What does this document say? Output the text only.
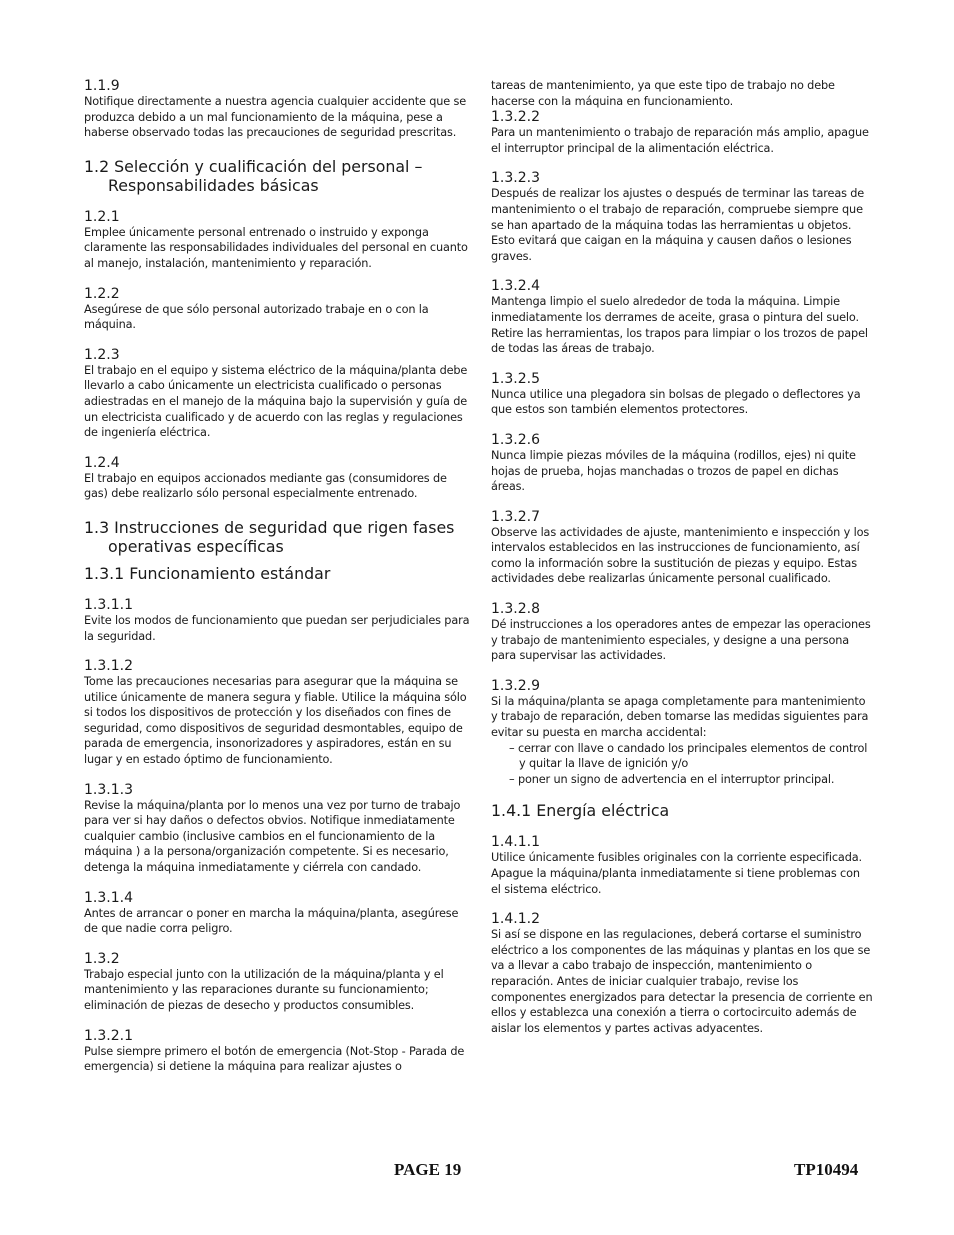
1.1.9

Notifique directamente a nuestra agencia cualquier accidente que se produzca debido a un mal funcionamiento de la máquina, pese a haberse observado todas las precauciones de seguridad prescritas.

1.2 Selección y cualificación del personal –
Responsabilidades básicas
1.2.1

Emplee únicamente personal entrenado o instruido y exponga claramente las responsabilidades individuales del personal en cuanto al manejo, instalación, mantenimiento y reparación.

1.2.2

Asegúrese de que sólo personal autorizado trabaje en o con la máquina.

1.2.3

El trabajo en el equipo y sistema eléctrico de la máquina/planta debe llevarlo a cabo únicamente un electricista cualificado o personas adiestradas en el manejo de la máquina bajo la supervisión y guía de un electricista cualificado y de acuerdo con las reglas y regulaciones de ingeniería eléctrica.

1.2.4

El trabajo en equipos accionados mediante gas (consumidores de gas) debe realizarlo sólo personal especialmente entrenado.

1.3 Instrucciones de seguridad que rigen fases
operativas específicas
1.3.1 Funcionamiento estándar
1.3.1.1

Evite los modos de funcionamiento que puedan ser perjudiciales para la seguridad.

1.3.1.2

Tome las precauciones necesarias para asegurar que la máquina se utilice únicamente de manera segura y fiable. Utilice la máquina sólo si todos los dispositivos de protección y los diseñados con fines de seguridad, como dispositivos de seguridad desmontables, equipo de parada de emergencia, insonorizadores y aspiradores, están en su lugar y en estado óptimo de funcionamiento.

1.3.1.3

Revise la máquina/planta por lo menos una vez por turno de trabajo para ver si hay daños o defectos obvios. Notifique inmediatamente cualquier cambio (inclusive cambios en el funcionamiento de la máquina ) a la persona/organización competente. Si es necesario, detenga la máquina inmediatamente y ciérrela con candado.

1.3.1.4

Antes de arrancar o poner en marcha la máquina/planta, asegúrese de que nadie corra peligro.

1.3.2

Trabajo especial junto con la utilización de la máquina/planta y el mantenimiento y las reparaciones durante su funcionamiento; eliminación de piezas de desecho y productos consumibles.

1.3.2.1

Pulse siempre primero el botón de emergencia (Not-Stop - Parada de emergencia) si detiene la máquina para realizar ajustes o

tareas de mantenimiento, ya que este tipo de trabajo no debe hacerse con la máquina en funcionamiento.

1.3.2.2

Para un mantenimiento o trabajo de reparación más amplio, apague el interruptor principal de la alimentación eléctrica.

1.3.2.3

Después de realizar los ajustes o después de terminar las tareas de mantenimiento o el trabajo de reparación, compruebe siempre que se han apartado de la máquina todas las herramientas u objetos. Esto evitará que caigan en la máquina y causen daños o lesiones graves.

1.3.2.4

Mantenga limpio el suelo alrededor de toda la máquina. Limpie inmediatamente los derrames de aceite, grasa o pintura del suelo. Retire las herramientas, los trapos para limpiar o los trozos de papel de todas las áreas de trabajo.

1.3.2.5

Nunca utilice una plegadora sin bolsas de plegado o deflectores ya que estos son también elementos protectores.

1.3.2.6

Nunca limpie piezas móviles de la máquina (rodillos, ejes) ni quite hojas de prueba, hojas manchadas o trozos de papel en dichas áreas.

1.3.2.7

Observe las actividades de ajuste, mantenimiento e inspección y los intervalos establecidos en las instrucciones de funcionamiento, así como la información sobre la sustitución de piezas y equipo. Estas actividades debe realizarlas únicamente personal cualificado.

1.3.2.8

Dé instrucciones a los operadores antes de empezar las operaciones y trabajo de mantenimiento especiales, y designe a una persona para supervisar las actividades.

1.3.2.9

Si la máquina/planta se apaga completamente para mantenimiento y trabajo de reparación, deben tomarse las medidas siguientes para evitar su puesta en marcha accidental:

– cerrar con llave o candado los principales elementos de control y quitar la llave de ignición y/o

– poner un signo de advertencia en el interruptor principal.

1.4.1 Energía eléctrica
1.4.1.1

Utilice únicamente fusibles originales con la corriente especificada. Apague la máquina/planta inmediatamente si tiene problemas con el sistema eléctrico.

1.4.1.2

Si así se dispone en las regulaciones, deberá cortarse el suministro eléctrico a los componentes de las máquinas y plantas en los que se va a llevar a cabo trabajo de inspección, mantenimiento o reparación. Antes de iniciar cualquier trabajo, revise los componentes energizados para detectar la presencia de corriente en ellos y establezca una conexión a tierra o cortocircuito además de aislar los elementos y partes activas adyacentes.

PAGE 19	TP10494
